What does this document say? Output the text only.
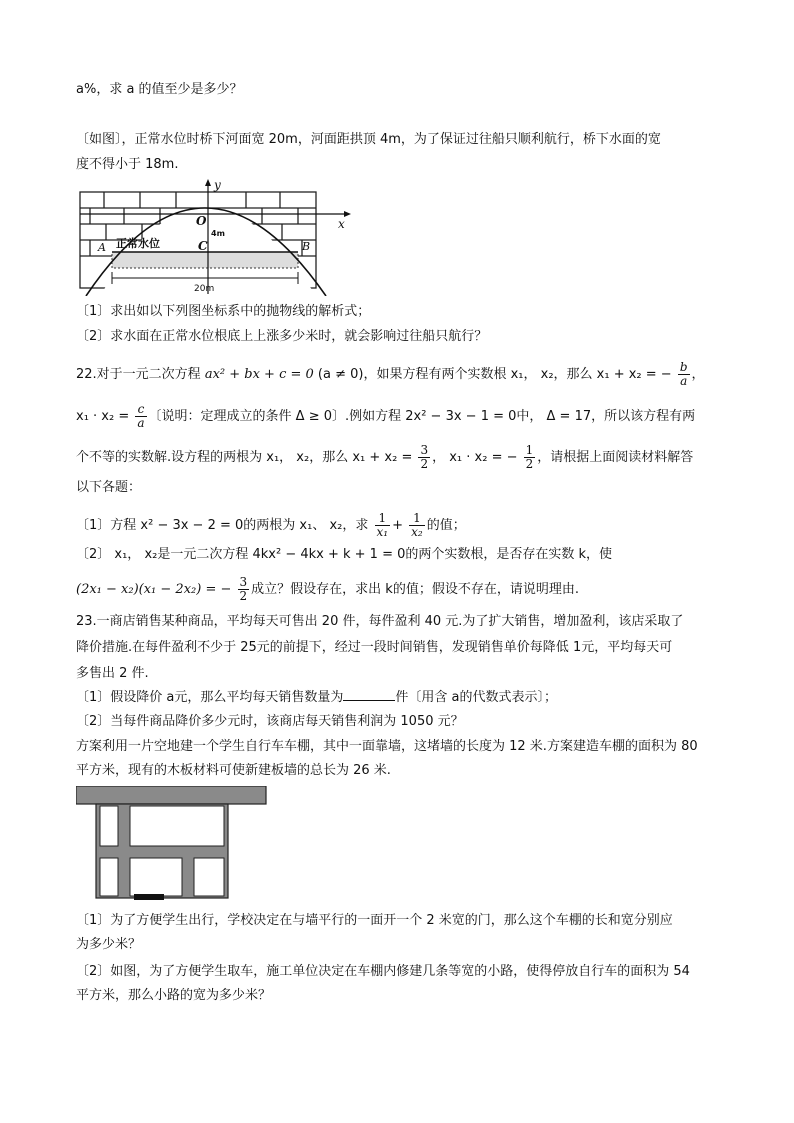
a%，求 a 的值至少是多少？
〔如图〕，正常水位时桥下河面宽 20m，河面距拱顶 4m，为了保证过往船只顺利航行，桥下水面的宽
度不得小于 18m.
y
x
O
4m
正常水位	C
A	B
20m
〔1〕求出如以下列图坐标系中的抛物线的解析式；
〔2〕求水面在正常水位根底上上涨多少米时，就会影响过往船只航行？
22.对于一元二次方程 ax² + bx + c = 0 (a ≠ 0)，如果方程有两个实数根 x₁， x₂，那么 x₁ + x₂ = − $\frac{b}{a}$ ，
$x_1 \cdot x_2 = \frac{c}{a}$ 〔说明：定理成立的条件 Δ ≥ 0〕.例如方程 2x² − 3x − 1 = 0中， Δ = 17，所以该方程有两
个不等的实数解.设方程的两根为 x₁， x₂，那么 $x_1 + x_2 = \frac{3}{2}$ ， x₁ · x₂ = − $\frac{1}{2}$ ，请根据上面阅读材料解答
以下各题：
〔1〕方程 x² − 3x − 2 = 0的两根为 x₁、 x₂，求 $\frac{1}{\text{x₁}} + \frac{1}{\text{x₂}}$ 的值；
〔2〕 x₁， x₂是一元二次方程 4kx² − 4kx + k + 1 = 0的两个实数根，是否存在实数 k，使
(2x₁ − x₂)(x₁ − 2x₂) = − $\frac{3}{2}$ 成立？假设存在，求出 k的值；假设不存在，请说明理由.
23.一商店销售某种商品，平均每天可售出 20 件，每件盈利 40 元.为了扩大销售，增加盈利，该店采取了
降价措施.在每件盈利不少于 25元的前提下，经过一段时间销售，发现销售单价每降低 1元，平均每天可
多售出 2 件.
〔1〕假设降价 a元，那么平均每天销售数量为	件〔用含 a的代数式表示〕；
〔2〕当每件商品降价多少元时，该商店每天销售利润为 1050 元？
方案利用一片空地建一个学生自行车车棚，其中一面靠墙，这堵墙的长度为 12 米.方案建造车棚的面积为 80
平方米，现有的木板材料可使新建板墙的总长为 26 米.
〔1〕为了方便学生出行，学校决定在与墙平行的一面开一个 2 米宽的门，那么这个车棚的长和宽分别应
为多少米？
〔2〕如图，为了方便学生取车，施工单位决定在车棚内修建几条等宽的小路，使得停放自行车的面积为 54
平方米，那么小路的宽为多少米？
